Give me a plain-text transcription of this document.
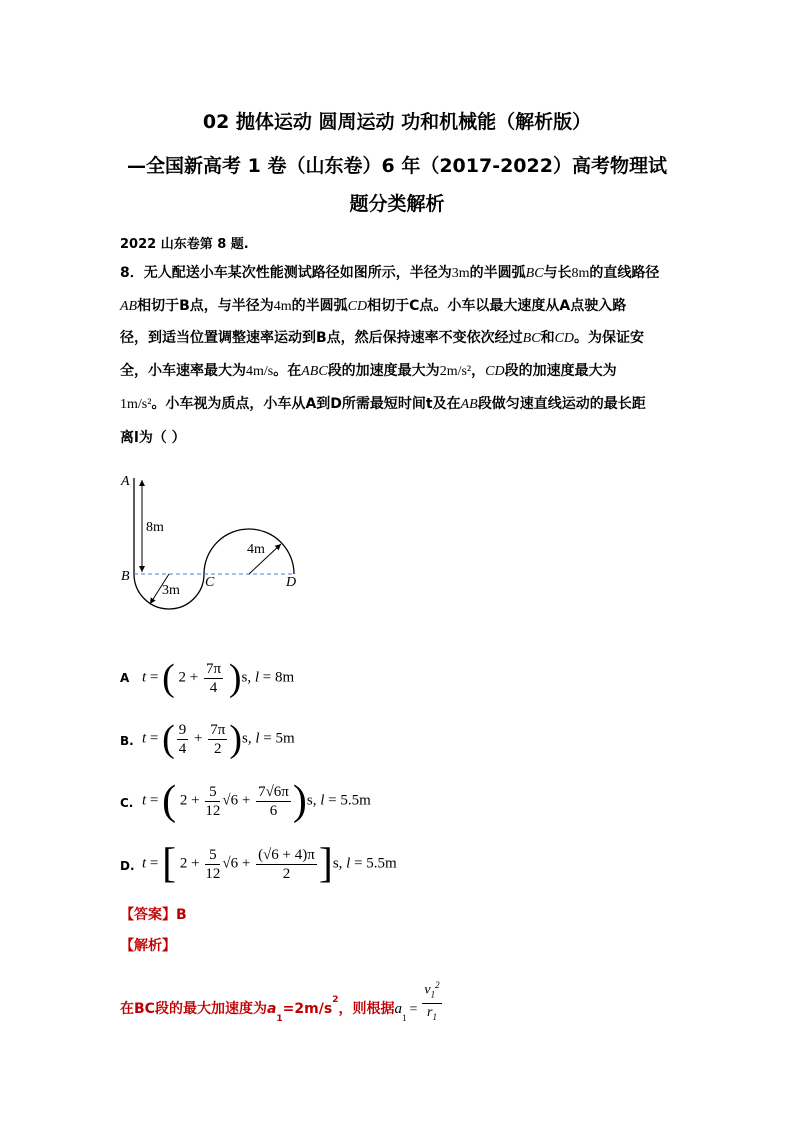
02 抛体运动 圆周运动 功和机械能（解析版）
—全国新高考 1 卷（山东卷）6 年（2017-2022）高考物理试
题分类解析
2022 山东卷第 8 题.
8．无人配送小车某次性能测试路径如图所示，半径为3m的半圆弧BC与长8m的直线路径
AB相切于B点，与半径为4m的半圆弧CD相切于C点。小车以最大速度从A点驶入路
径，到适当位置调整速率运动到B点，然后保持速率不变依次经过BC和CD。为保证安
全，小车速率最大为4m/s。在ABC段的加速度最大为2m/s²，CD段的加速度最大为
1m/s²。小车视为质点，小车从A到D所需最短时间t及在AB段做匀速直线运动的最长距
离l为（ ）
A
B	C	D
8m
3m
4m
A t = ( $2 + \frac{7\pi}{4} )s$, l = 8m
B. t = ( $\frac{9}{4} + \frac{7\pi}{2} )s$, l = 5m
C. t = ( $2 + \frac{5}{12} √6 + \frac{7√6\pi}{6} )s$, l = 5.5m
D. t = [ $2 + \frac{5}{12} √6 + \frac{(√6 + 4)\pi}{2} ]s$, l = 5.5m
【答案】B
【解析】
在BC段的最大加速度为$a_1=2m/s^2$，则根据$a_1= \frac{v_1^2}{r_1}$
